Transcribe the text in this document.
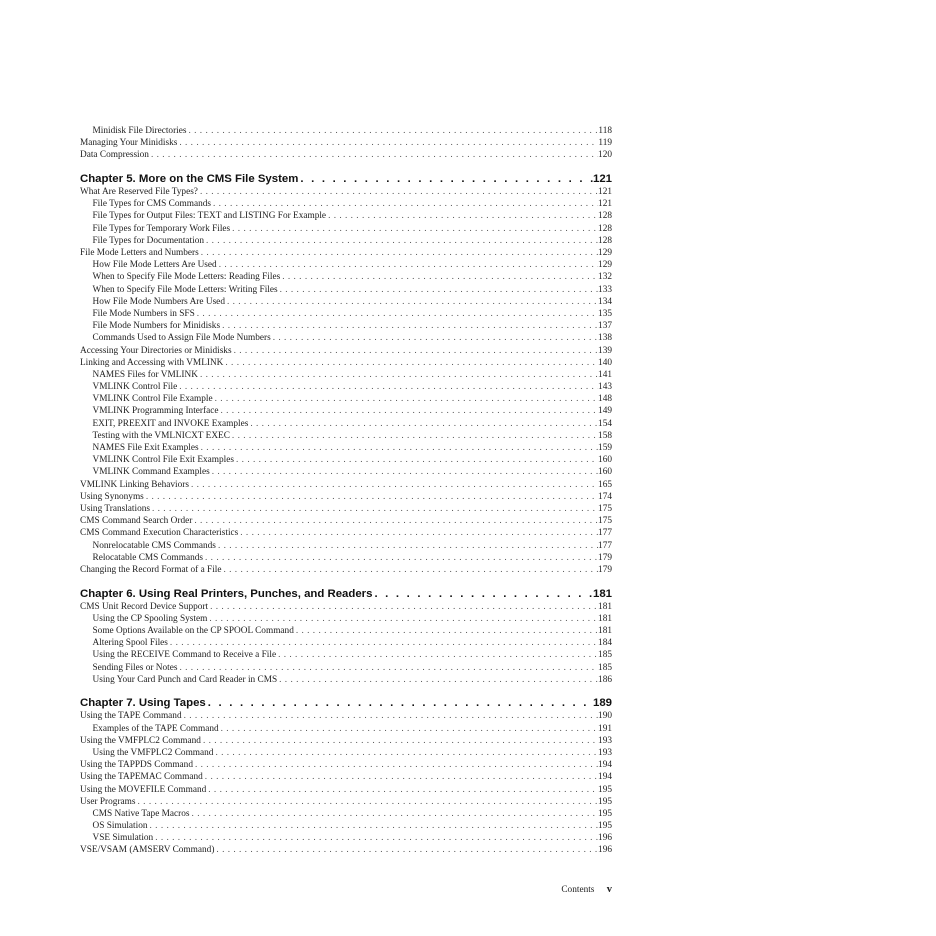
Minidisk File Directories . . .	118
Managing Your Minidisks . . .	119
Data Compression . . .	120
Chapter 5. More on the CMS File System . . .	121
What Are Reserved File Types? . . .	121
File Types for CMS Commands . . .	121
File Types for Output Files: TEXT and LISTING For Example . . .	128
File Types for Temporary Work Files . . .	128
File Types for Documentation . . .	128
File Mode Letters and Numbers . . .	129
How File Mode Letters Are Used . . .	129
When to Specify File Mode Letters: Reading Files . . .	132
When to Specify File Mode Letters: Writing Files . . .	133
How File Mode Numbers Are Used . . .	134
File Mode Numbers in SFS . . .	135
File Mode Numbers for Minidisks . . .	137
Commands Used to Assign File Mode Numbers . . .	138
Accessing Your Directories or Minidisks . . .	139
Linking and Accessing with VMLINK . . .	140
NAMES Files for VMLINK . . .	141
VMLINK Control File . . .	143
VMLINK Control File Example . . .	148
VMLINK Programming Interface . . .	149
EXIT, PREEXIT and INVOKE Examples . . .	154
Testing with the VMLNICXT EXEC . . .	158
NAMES File Exit Examples . . .	159
VMLINK Control File Exit Examples . . .	160
VMLINK Command Examples . . .	160
VMLINK Linking Behaviors . . .	165
Using Synonyms . . .	174
Using Translations . . .	175
CMS Command Search Order . . .	175
CMS Command Execution Characteristics . . .	177
Nonrelocatable CMS Commands . . .	177
Relocatable CMS Commands . . .	179
Changing the Record Format of a File . . .	179
Chapter 6. Using Real Printers, Punches, and Readers . . .	181
CMS Unit Record Device Support . . .	181
Using the CP Spooling System . . .	181
Some Options Available on the CP SPOOL Command . . .	181
Altering Spool Files . . .	184
Using the RECEIVE Command to Receive a File . . .	185
Sending Files or Notes . . .	185
Using Your Card Punch and Card Reader in CMS . . .	186
Chapter 7. Using Tapes . . .	189
Using the TAPE Command . . .	190
Examples of the TAPE Command . . .	191
Using the VMFPLC2 Command . . .	193
Using the VMFPLC2 Command . . .	193
Using the TAPPDS Command . . .	194
Using the TAPEMAC Command . . .	194
Using the MOVEFILE Command . . .	195
User Programs . . .	195
CMS Native Tape Macros . . .	195
OS Simulation . . .	195
VSE Simulation . . .	196
VSE/VSAM (AMSERV Command) . . .	196
Contents v
